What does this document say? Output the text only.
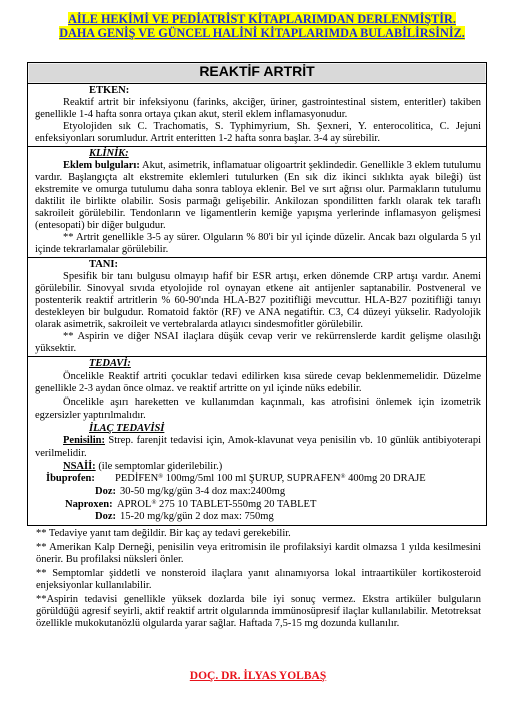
AİLE HEKİMİ VE PEDİATRİST KİTAPLARIMDAN DERLENMİŞTİR.
DAHA GENİŞ VE GÜNCEL HALİNİ KİTAPLARIMDA BULABİLİRSİNİZ.
REAKTİF ARTRİT
ETKEN:

Reaktif artrit bir infeksiyonu (farinks, akciğer, üriner, gastrointestinal sistem, enteritler) takiben genellikle 1-4 hafta sonra ortaya çıkan akut, steril eklem inflamasyonudur.

Etyolojiden sık C. Trachomatis, S. Typhimyrium, Sh. Şexneri, Y. enterocolitica, C. Jejuni enfeksiyonları sorumludur. Artrit enteritten 1-2 hafta sonra başlar. 3-4 ay sürebilir.

KLİNİK:

Eklem bulguları: Akut, asimetrik, inflamatuar oligoartrit şeklindedir. Genellikle 3 eklem tutulumu vardır. Başlangıçta alt ekstremite eklemleri tutulurken (En sık diz ikinci sıklıkta ayak bileği) üst ekstremite ve omurga tutulumu daha sonra tabloya eklenir. Bel ve sırt ağrısı olur. Parmakların tutulumu daktilit ile birlikte olabilir. Sosis parmağı gelişebilir. Ankilozan spondilitten farklı olarak tek taraflı sakroileit görülebilir. Tendonların ve ligamentlerin kemiğe yapışma yerlerinde inflamasyon gelişmesi (entesopati) bir diğer bulgudur.

** Artrit genellikle 3-5 ay sürer. Olguların % 80'i bir yıl içinde düzelir. Ancak bazı olgularda 5 yıl içinde tekrarlamalar görülebilir.

TANI:

Spesifik bir tanı bulgusu olmayıp hafif bir ESR artışı, erken dönemde CRP artışı vardır. Anemi görülebilir. Sinovyal sıvıda etyolojide rol oynayan etkene ait antijenler saptanabilir. Postveneral ve postenterik reaktif artritlerin % 60-90'ında HLA-B27 pozitifliği mevcuttur. HLA-B27 pozitifliği tanıyı destekleyen bir bulgudur. Romatoid faktör (RF) ve ANA negatiftir. C3, C4 düzeyi yükselir. Radyolojik olarak asimetrik, sakroileit ve vertebralarda atlayıcı sindesmofitler görülebilir.

** Aspirin ve diğer NSAI ilaçlara düşük cevap verir ve rekürrenslerde kardit gelişme olasılığı yüksektir.

TEDAVİ:

Öncelikle Reaktif artriti çocuklar tedavi edilirken kısa sürede cevap beklenmemelidir. Düzelme genellikle 2-3 aydan önce olmaz. ve reaktif artritte on yıl içinde nüks edebilir.

Öncelikle aşırı hareketten ve kullanımdan kaçınmalı, kas atrofisini önlemek için izometrik egzersizler yaptırılmalıdır.

İLAÇ TEDAVİSİ

Penisilin: Strep. farenjit tedavisi için, Amok-klavunat veya penisilin vb. 10 günlük antibiyoterapi verilmelidir.

NSAİİ: (ile semptomlar giderilebilir.)

İbuprofen: PEDİFEN® 100mg/5ml 100 ml ŞURUP, SUPRAFEN® 400mg 20 DRAJE
Doz: 30-50 mg/kg/gün 3-4 doz max:2400mg
Naproxen: APROL® 275 10 TABLET-550mg 20 TABLET
Doz: 15-20 mg/kg/gün 2 doz max: 750mg

** Tedaviye yanıt tam değildir. Bir kaç ay tedavi gerekebilir.

** Amerikan Kalp Derneği, penisilin veya eritromisin ile profilaksiyi kardit olmazsa 1 yılda kesilmesini önerir. Bu profilaksi nüksleri önler.

** Semptomlar şiddetli ve nonsteroid ilaçlara yanıt alınamıyorsa lokal intraartiküler kortikosteroid enjeksiyonlar kullanılabilir.

**Aspirin tedavisi genellikle yüksek dozlarda bile iyi sonuç vermez. Ekstra artiküler bulguların görüldüğü agresif seyirli, aktif reaktif artrit olgularında immünosüpresif ilaçlar kullanılabilir. Metotreksat özellikle mukokutanözlü olgularda yarar sağlar. Haftada 7,5-15 mg dozunda kullanılır.

DOÇ. DR. İLYAS YOLBAŞ
